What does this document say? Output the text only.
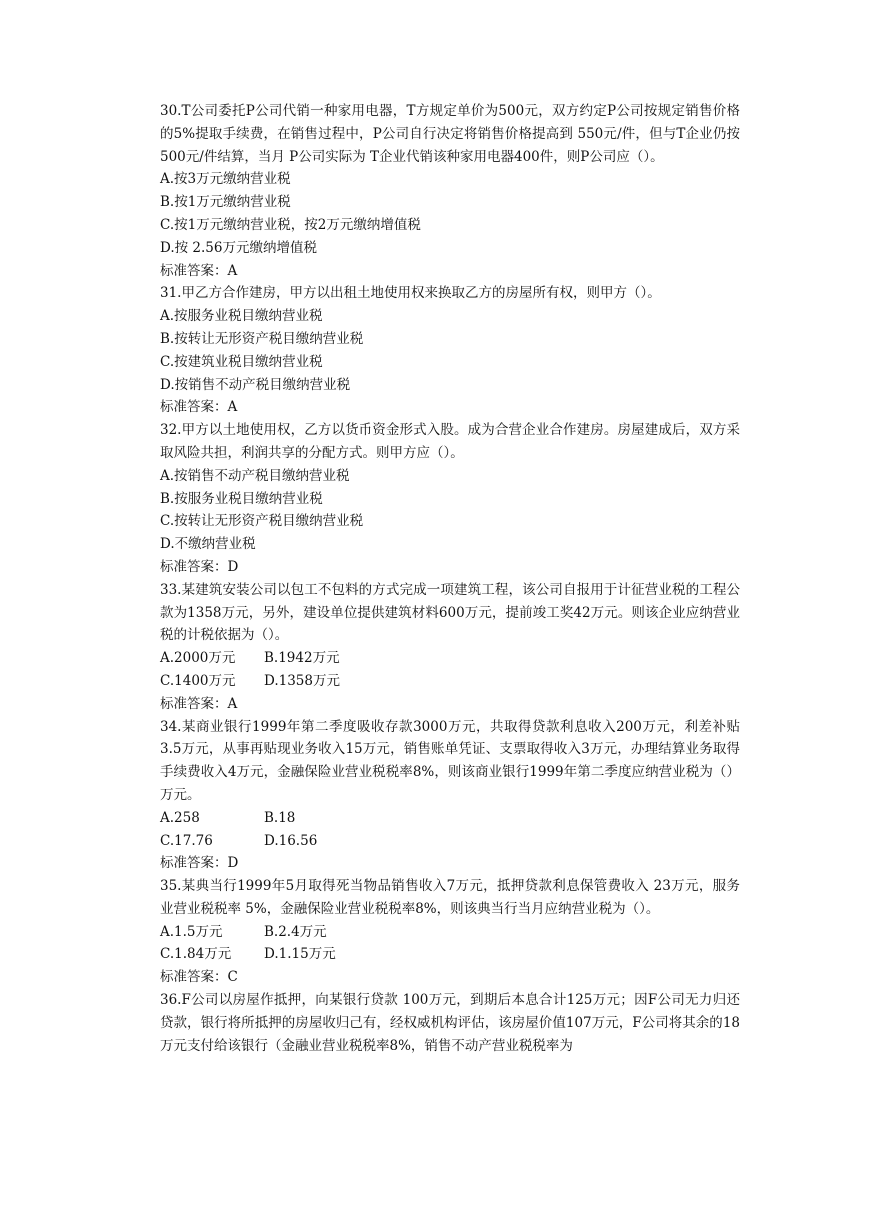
30.T公司委托P公司代销一种家用电器，T方规定单价为500元，双方约定P公司按规定销售价格的5%提取手续费，在销售过程中，P公司自行决定将销售价格提高到 550元/件，但与T企业仍按 500元/件结算，当月 P公司实际为 T企业代销该种家用电器400件，则P公司应（）。

A.按3万元缴纳营业税

B.按1万元缴纳营业税

C.按1万元缴纳营业税，按2万元缴纳增值税

D.按 2.56万元缴纳增值税

标准答案：A

31.甲乙方合作建房，甲方以出租土地使用权来换取乙方的房屋所有权，则甲方（）。

A.按服务业税目缴纳营业税

B.按转让无形资产税目缴纳营业税

C.按建筑业税目缴纳营业税

D.按销售不动产税目缴纳营业税

标准答案：A

32.甲方以土地使用权，乙方以货币资金形式入股。成为合营企业合作建房。房屋建成后，双方采取风险共担，利润共享的分配方式。则甲方应（）。

A.按销售不动产税目缴纳营业税

B.按服务业税目缴纳营业税

C.按转让无形资产税目缴纳营业税

D.不缴纳营业税

标准答案：D

33.某建筑安装公司以包工不包料的方式完成一项建筑工程，该公司自报用于计征营业税的工程公款为1358万元，另外，建设单位提供建筑材料600万元，提前竣工奖42万元。则该企业应纳营业税的计税依据为（）。

A.2000万元	B.1942万元
C.1400万元	D.1358万元

标准答案：A

34.某商业银行1999年第二季度吸收存款3000万元，共取得贷款利息收入200万元，利差补贴3.5万元，从事再贴现业务收入15万元，销售账单凭证、支票取得收入3万元，办理结算业务取得手续费收入4万元，金融保险业营业税税率8%，则该商业银行1999年第二季度应纳营业税为（）万元。

A.258	B.18
C.17.76	D.16.56

标准答案：D

35.某典当行1999年5月取得死当物品销售收入7万元，抵押贷款利息保管费收入 23万元，服务业营业税税率 5%，金融保险业营业税税率8%，则该典当行当月应纳营业税为（）。

A.1.5万元	B.2.4万元
C.1.84万元	D.1.15万元

标准答案：C

36.F公司以房屋作抵押，向某银行贷款 100万元，到期后本息合计125万元；因F公司无力归还贷款，银行将所抵押的房屋收归己有，经权威机构评估，该房屋价值107万元，F公司将其余的18万元支付给该银行（金融业营业税税率8%，销售不动产营业税税率为
